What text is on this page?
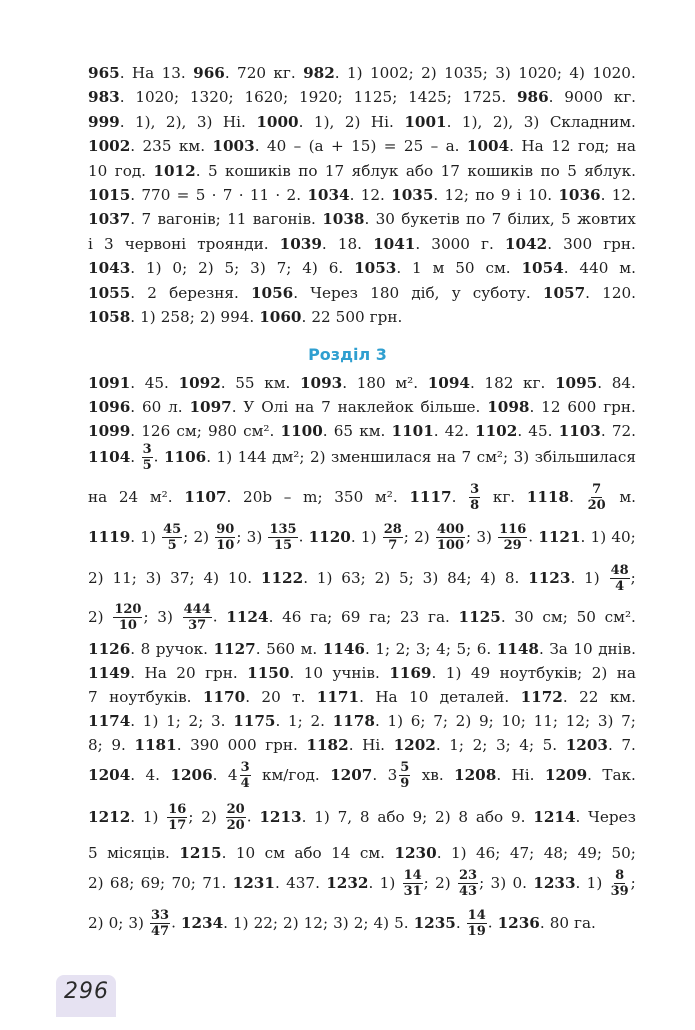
965. На 13. 966. 720 кг. 982. 1) 1002; 2) 1035; 3) 1020; 4) 1020.
983. 1020; 1320; 1620; 1920; 1125; 1425; 1725. 986. 9000 кг.
999. 1), 2), 3) Ні. 1000. 1), 2) Ні. 1001. 1), 2), 3) Складним.
1002. 235 км. 1003. 40 – (a + 15) = 25 – a. 1004. На 12 год; на
10 год. 1012. 5 кошиків по 17 яблук або 17 кошиків по 5 яблук.
1015. 770 = 5 · 7 · 11 · 2. 1034. 12. 1035. 12; по 9 і 10. 1036. 12.
1037. 7 вагонів; 11 вагонів. 1038. 30 букетів по 7 білих, 5 жовтих
і 3 червоні троянди. 1039. 18. 1041. 3000 г. 1042. 300 грн.
1043. 1) 0; 2) 5; 3) 7; 4) 6. 1053. 1 м 50 см. 1054. 440 м.
1055. 2 березня. 1056. Через 180 діб, у суботу. 1057. 120.
1058. 1) 258; 2) 994. 1060. 22 500 грн.
Розділ 3
1091. 45. 1092. 55 км. 1093. 180 м². 1094. 182 кг. 1095. 84.
1096. 60 л. 1097. У Олі на 7 наклейок більше. 1098. 12 600 грн.
1099. 126 см; 980 см². 1100. 65 км. 1101. 42. 1102. 45. 1103. 72.
1104. $\frac{3}{5}$ . 1106. 1) 144 дм²; 2) зменшилася на 7 см²; 3) збільшилася
на 24 м². 1107. 20b – m; 350 м². 1117. $\frac{3}{8}$ кг. 1118. $\frac{7}{20} м$.
1119. $1) \frac{45}{5}$ ; $2) \frac{90}{10}$ ; $3) \frac{135}{15}$ . 1120. $1) \frac{28}{7}$ ; $2) \frac{400}{100}$ ; $3) \frac{116}{29}$ . 1121. 1) 40;
2) 11; 3) 37; 4) 10. 1122. 1) 63; 2) 5; 3) 84; 4) 8. 1123. $1) \frac{48}{4}$ ;
$2) \frac{120}{10}$ ; $3) \frac{444}{37}$ . 1124. 46 га; 69 га; 23 га. 1125. 30 см; 50 см².
1126. 8 ручок. 1127. 560 м. 1146. 1; 2; 3; 4; 5; 6. 1148. За 10 днів.
1149. На 20 грн. 1150. 10 учнів. 1169. 1) 49 ноутбуків; 2) на
7 ноутбуків. 1170. 20 т. 1171. На 10 деталей. 1172. 22 км.
1174. 1) 1; 2; 3. 1175. 1; 2. 1178. 1) 6; 7; 2) 9; 10; 11; 12; 3) 7;
8; 9. 1181. 390 000 грн. 1182. Ні. 1202. 1; 2; 3; 4; 5. 1203. 7.
1204. 4. 1206. $4 \frac{3}{4} км/год$. 1207. $3 \frac{5}{9}$ хв. 1208. Ні. 1209. Так.
1212. $1) \frac{16}{17}$ ; $2) \frac{20}{20}$ . 1213. 1) 7, 8 або 9; 2) 8 або 9. 1214. Через
5 місяців. 1215. 10 см або 14 см. 1230. 1) 46; 47; 48; 49; 50;
2) 68; 69; 70; 71. 1231. 437. 1232. $1) \frac{14}{31}$ ; $2) \frac{23}{43}$ ; 3) 0. 1233. $1) \frac{8}{39}$ ;
2) 0; $3) \frac{33}{47}$ . 1234. 1) 22; 2) 12; 3) 2; 4) 5. 1235. $\frac{14}{19}$ . 1236. 80 га.
296
